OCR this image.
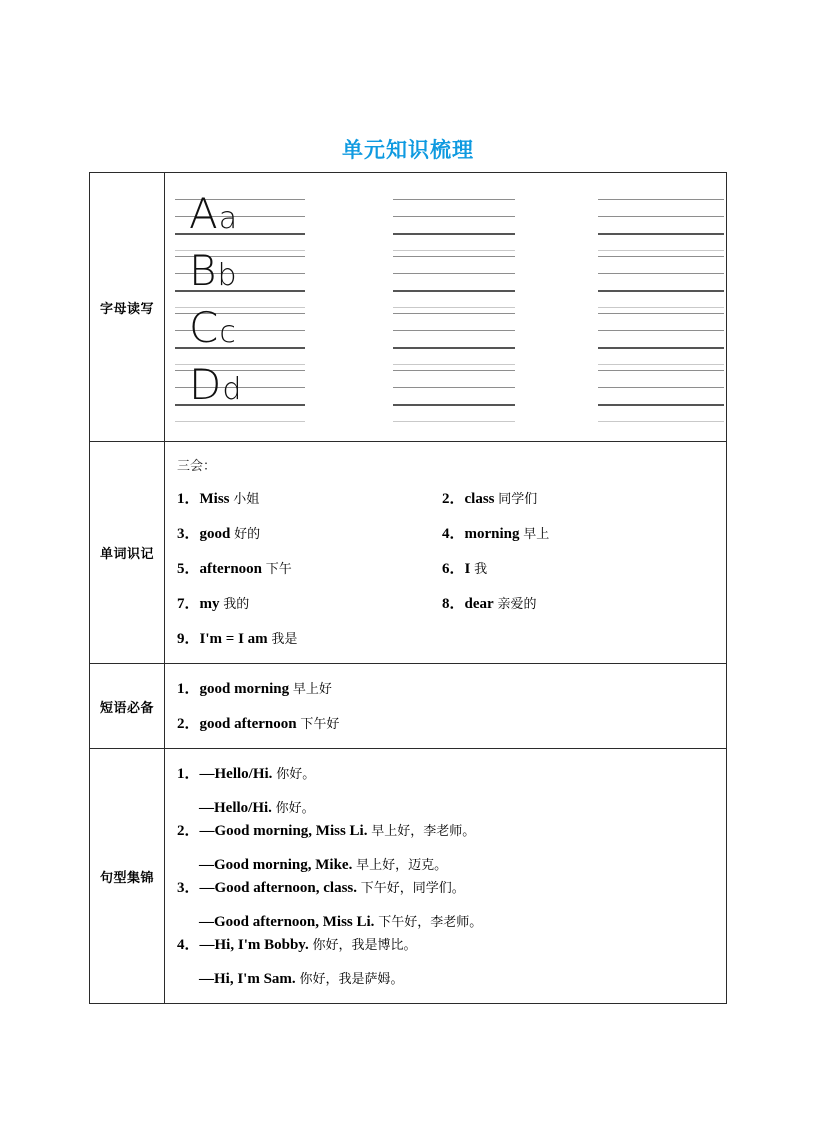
单元知识梳理
字母读写	Aa
Bb
Cc
Dd

单词识记	
三会：
1．Miss 小姐	2．class 同学们
3．good 好的	4．morning 早上
5．afternoon 下午	6．I 我
7．my 我的	8．dear 亲爱的
9．I'm = I am 我是

短语必备	1．good morning 早上好
2．good afternoon 下午好

句型集锦	
1．—Hello/Hi. 你好。
—Hello/Hi. 你好。
2．—Good morning, Miss Li. 早上好，李老师。
—Good morning, Mike. 早上好，迈克。
3．—Good afternoon, class. 下午好，同学们。
—Good afternoon, Miss Li. 下午好，李老师。
4．—Hi, I'm Bobby. 你好，我是博比。
—Hi, I'm Sam. 你好，我是萨姆。
